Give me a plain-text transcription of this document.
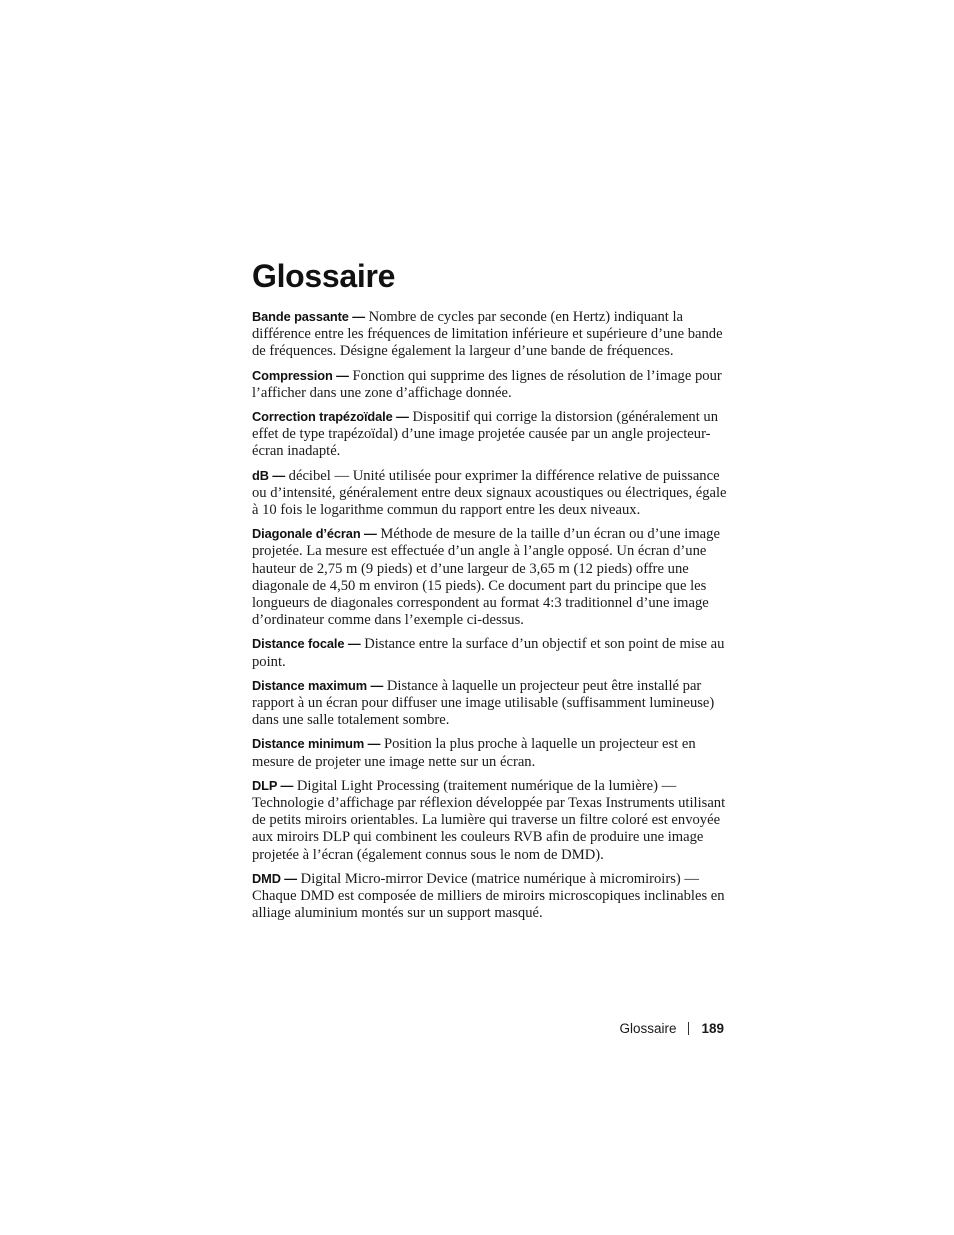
Glossaire

Bande passante — Nombre de cycles par seconde (en Hertz) indiquant la différence entre les fréquences de limitation inférieure et supérieure d’une bande de fréquences. Désigne également la largeur d’une bande de fréquences.

Compression — Fonction qui supprime des lignes de résolution de l’image pour l’afficher dans une zone d’affichage donnée.

Correction trapézoïdale — Dispositif qui corrige la distorsion (généralement un effet de type trapézoïdal) d’une image projetée causée par un angle projecteur-écran inadapté.

dB — décibel — Unité utilisée pour exprimer la différence relative de puissance ou d’intensité, généralement entre deux signaux acoustiques ou électriques, égale à 10 fois le logarithme commun du rapport entre les deux niveaux.

Diagonale d’écran — Méthode de mesure de la taille d’un écran ou d’une image projetée. La mesure est effectuée d’un angle à l’angle opposé. Un écran d’une hauteur de 2,75 m (9 pieds) et d’une largeur de 3,65 m (12 pieds) offre une diagonale de 4,50 m environ (15 pieds). Ce document part du principe que les longueurs de diagonales correspondent au format 4:3 traditionnel d’une image d’ordinateur comme dans l’exemple ci-dessus.

Distance focale — Distance entre la surface d’un objectif et son point de mise au point.

Distance maximum — Distance à laquelle un projecteur peut être installé par rapport à un écran pour diffuser une image utilisable (suffisamment lumineuse) dans une salle totalement sombre.

Distance minimum — Position la plus proche à laquelle un projecteur est en mesure de projeter une image nette sur un écran.

DLP — Digital Light Processing (traitement numérique de la lumière) — Technologie d’affichage par réflexion développée par Texas Instruments utilisant de petits miroirs orientables. La lumière qui traverse un filtre coloré est envoyée aux miroirs DLP qui combinent les couleurs RVB afin de produire une image projetée à l’écran (également connus sous le nom de DMD).

DMD — Digital Micro-mirror Device (matrice numérique à micromiroirs) — Chaque DMD est composée de milliers de miroirs microscopiques inclinables en alliage aluminium montés sur un support masqué.

Glossaire 189
